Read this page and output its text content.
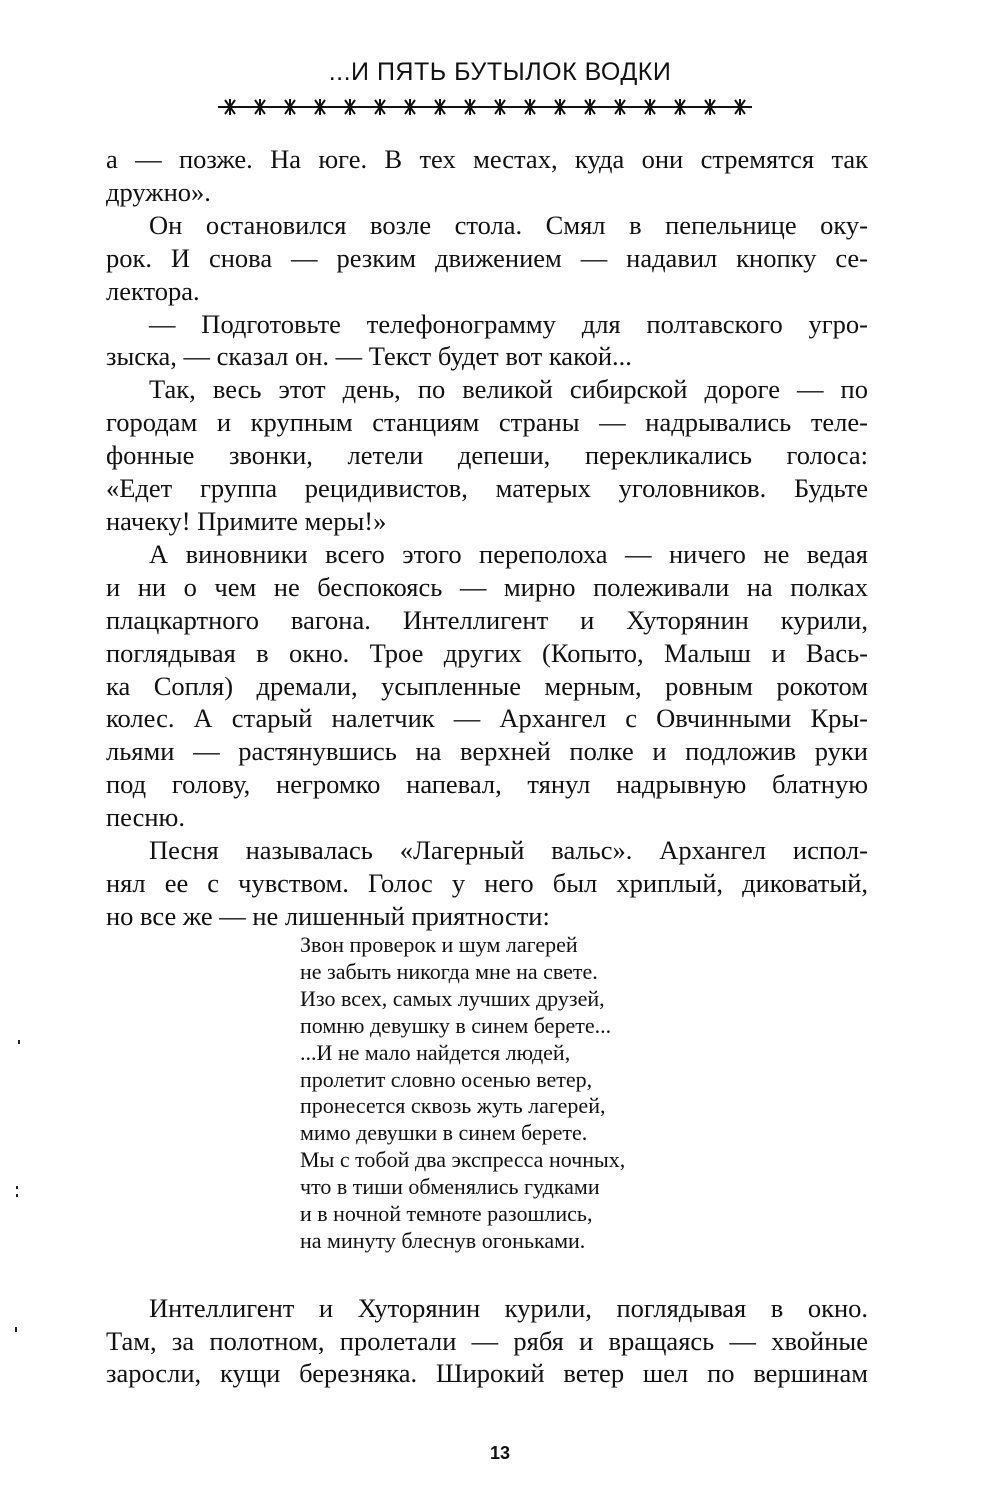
...И ПЯТЬ БУТЫЛОК ВОДКИ

а — позже. На юге. В тех местах, куда они стремятся так
дружно».

Он остановился возле стола. Смял в пепельнице оку-
рок. И снова — резким движением — надавил кнопку се-
лектора.

— Подготовьте телефонограмму для полтавского угро-
зыска, — сказал он. — Текст будет вот какой...

Так, весь этот день, по великой сибирской дороге — по
городам и крупным станциям страны — надрывались теле-
фонные звонки, летели депеши, перекликались голоса:
«Едет группа рецидивистов, матерых уголовников. Будьте
начеку! Примите меры!»

А виновники всего этого переполоха — ничего не ведая
и ни о чем не беспокоясь — мирно полеживали на полках
плацкартного вагона. Интеллигент и Хуторянин курили,
поглядывая в окно. Трое других (Копыто, Малыш и Вась-
ка Сопля) дремали, усыпленные мерным, ровным рокотом
колес. А старый налетчик — Архангел с Овчинными Кры-
льями — растянувшись на верхней полке и подложив руки
под голову, негромко напевал, тянул надрывную блатную
песню.

Песня называлась «Лагерный вальс». Архангел испол-
нял ее с чувством. Голос у него был хриплый, диковатый,
но все же — не лишенный приятности:

Звон проверок и шум лагерей
не забыть никогда мне на свете.
Изо всех, самых лучших друзей,
помню девушку в синем берете...
...И не мало найдется людей,
пролетит словно осенью ветер,
пронесется сквозь жуть лагерей,
мимо девушки в синем берете.
Мы с тобой два экспресса ночных,
что в тиши обменялись гудками
и в ночной темноте разошлись,
на минуту блеснув огоньками.
Интеллигент и Хуторянин курили, поглядывая в окно.
Там, за полотном, пролетали — рябя и вращаясь — хвойные
заросли, кущи березняка. Широкий ветер шел по вершинам
13
